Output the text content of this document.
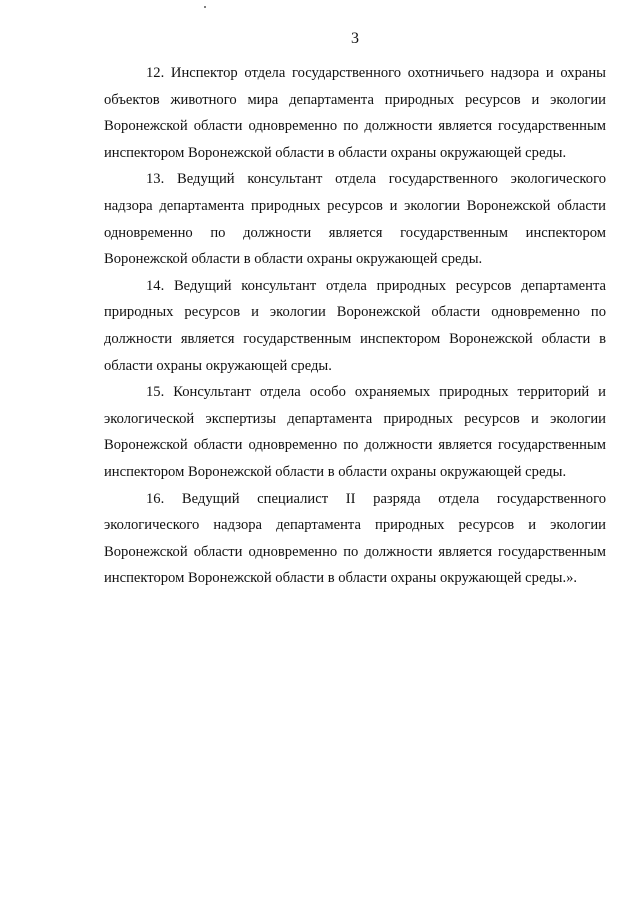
3

12. Инспектор отдела государственного охотничьего надзора и охраны объектов животного мира департамента природных ресурсов и экологии Воронежской области одновременно по должности является государственным инспектором Воронежской области в области охраны окружающей среды.

13. Ведущий консультант отдела государственного экологического надзора департамента природных ресурсов и экологии Воронежской области одновременно по должности является государственным инспектором Воронежской области в области охраны окружающей среды.

14. Ведущий консультант отдела природных ресурсов департамента природных ресурсов и экологии Воронежской области одновременно по должности является государственным инспектором Воронежской области в области охраны окружающей среды.

15. Консультант отдела особо охраняемых природных территорий и экологической экспертизы департамента природных ресурсов и экологии Воронежской области одновременно по должности является государственным инспектором Воронежской области в области охраны окружающей среды.

16. Ведущий специалист II разряда отдела государственного экологического надзора департамента природных ресурсов и экологии Воронежской области одновременно по должности является государственным инспектором Воронежской области в области охраны окружающей среды.».
